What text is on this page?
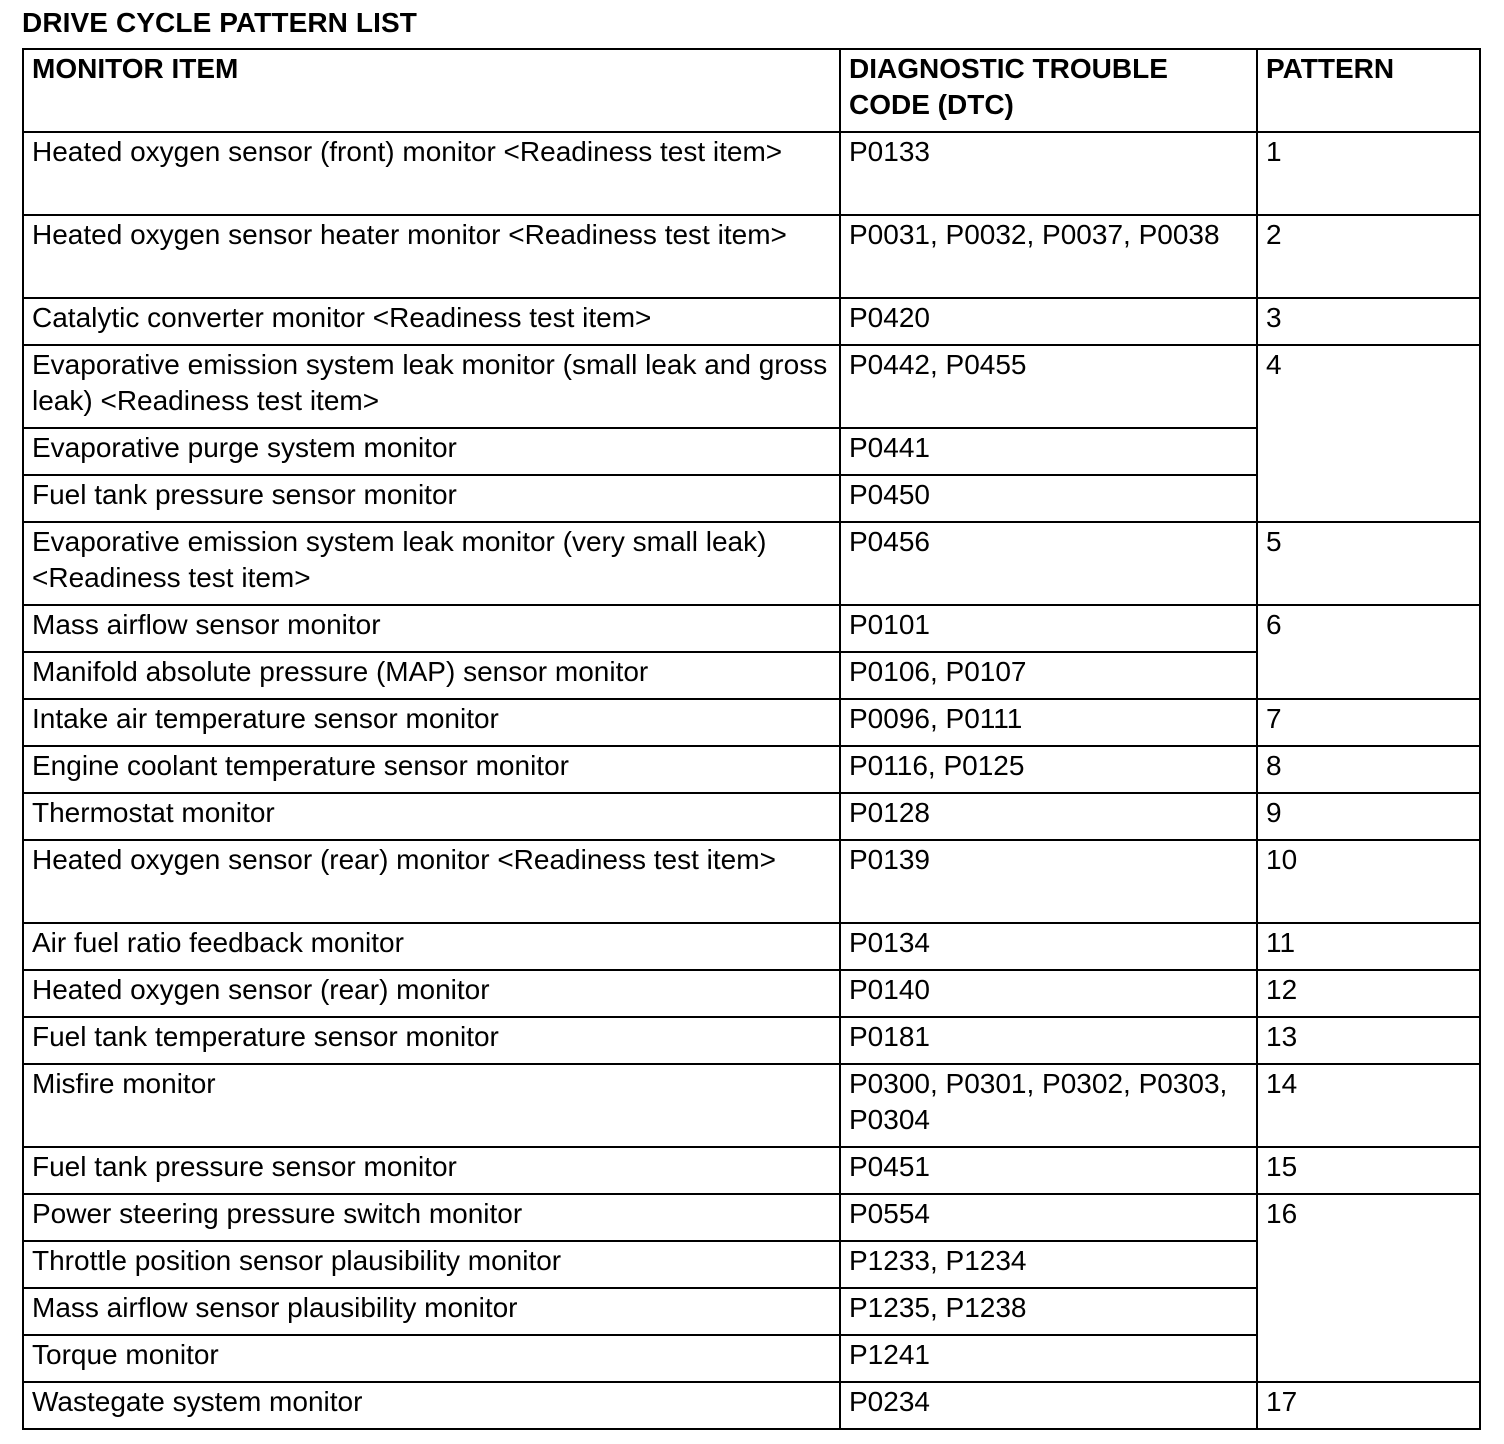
DRIVE CYCLE PATTERN LIST
MONITOR ITEM	DIAGNOSTIC TROUBLE CODE (DTC)	PATTERN
Heated oxygen sensor (front) monitor <Readiness test item>	P0133	1
Heated oxygen sensor heater monitor <Readiness test item>	P0031, P0032, P0037, P0038	2
Catalytic converter monitor <Readiness test item>	P0420	3
Evaporative emission system leak monitor (small leak and gross leak) <Readiness test item>	P0442, P0455	4
Evaporative purge system monitor	P0441	
Fuel tank pressure sensor monitor	P0450	
Evaporative emission system leak monitor (very small leak) <Readiness test item>	P0456	5
Mass airflow sensor monitor	P0101	6
Manifold absolute pressure (MAP) sensor monitor	P0106, P0107	
Intake air temperature sensor monitor	P0096, P0111	7
Engine coolant temperature sensor monitor	P0116, P0125	8
Thermostat monitor	P0128	9
Heated oxygen sensor (rear) monitor <Readiness test item>	P0139	10
Air fuel ratio feedback monitor	P0134	11
Heated oxygen sensor (rear) monitor	P0140	12
Fuel tank temperature sensor monitor	P0181	13
Misfire monitor	P0300, P0301, P0302, P0303, P0304	14
Fuel tank pressure sensor monitor	P0451	15
Power steering pressure switch monitor	P0554	16
Throttle position sensor plausibility monitor	P1233, P1234	
Mass airflow sensor plausibility monitor	P1235, P1238	
Torque monitor	P1241	
Wastegate system monitor	P0234	17
